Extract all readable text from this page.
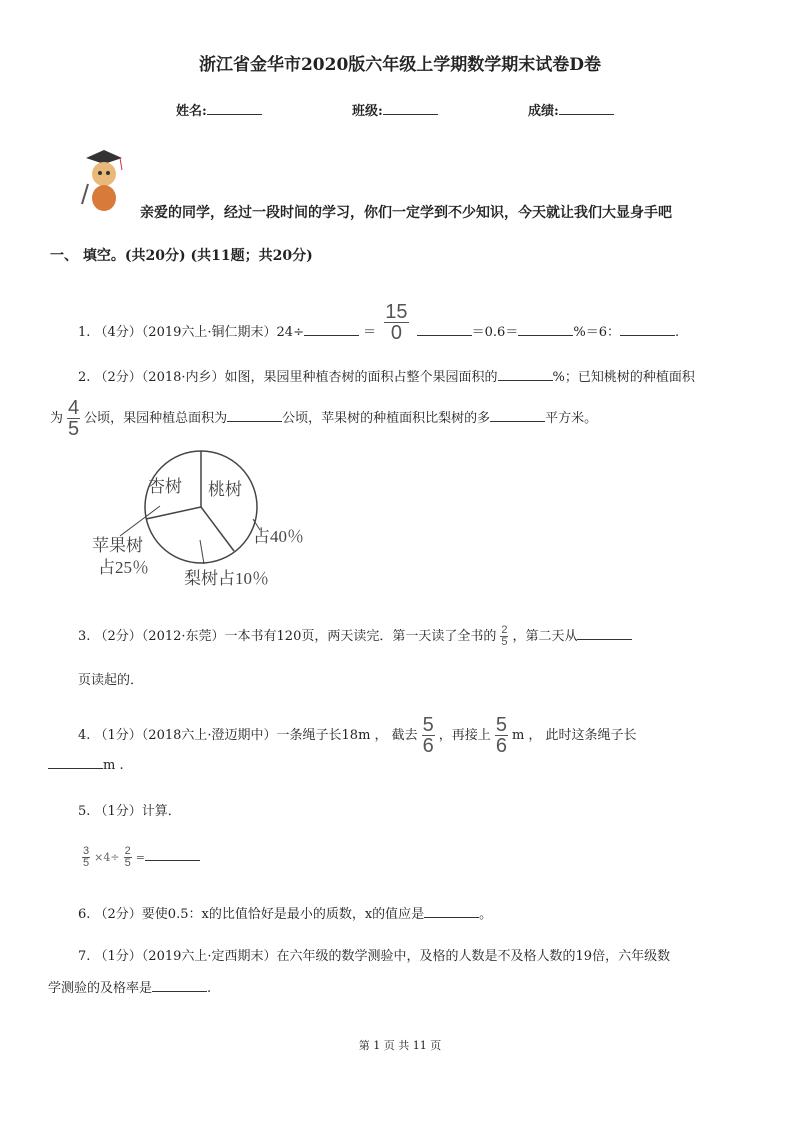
浙江省金华市2020版六年级上学期数学期末试卷D卷
姓名:	班级:	成绩:
亲爱的同学，经过一段时间的学习，你们一定学到不少知识，今天就让我们大显身手吧
一、 填空。(共20分) (共11题；共20分)
1. （4分）（2019六上·铜仁期末）24÷	＝ $\frac{15}{0}$	＝0.6＝	%＝6：	.
2. （2分）（2018·内乡）如图，果园里种植杏树的面积占整个果园面积的	%；已知桃树的种植面积
为 $\frac{4}{5}$ 公顷，果园种植总面积为	公顷，苹果树的种植面积比梨树的多	平方米。
杏树 桃树
占40％
苹果树
占25％
梨树占10％
3. （2分）（2012·东莞）一本书有120页，两天读完．第一天读了全书的 $\frac{2}{5}$ ，第二天从
页读起的．
4. （1分）（2018六上·澄迈期中）一条绳子长18m ， 截去 $\frac{5}{6}$ ，再接上 $\frac{5}{6}$ m ， 此时这条绳子长
m .
5. （1分）计算．
$\frac{3}{5} \times 4\div \frac{2}{5}$ =
6. （2分）要使0.5：x的比值恰好是最小的质数，x的值应是	。
7. （1分）（2019六上·定西期末）在六年级的数学测验中，及格的人数是不及格人数的19倍，六年级数
学测验的及格率是	.
第 1 页 共 11 页
